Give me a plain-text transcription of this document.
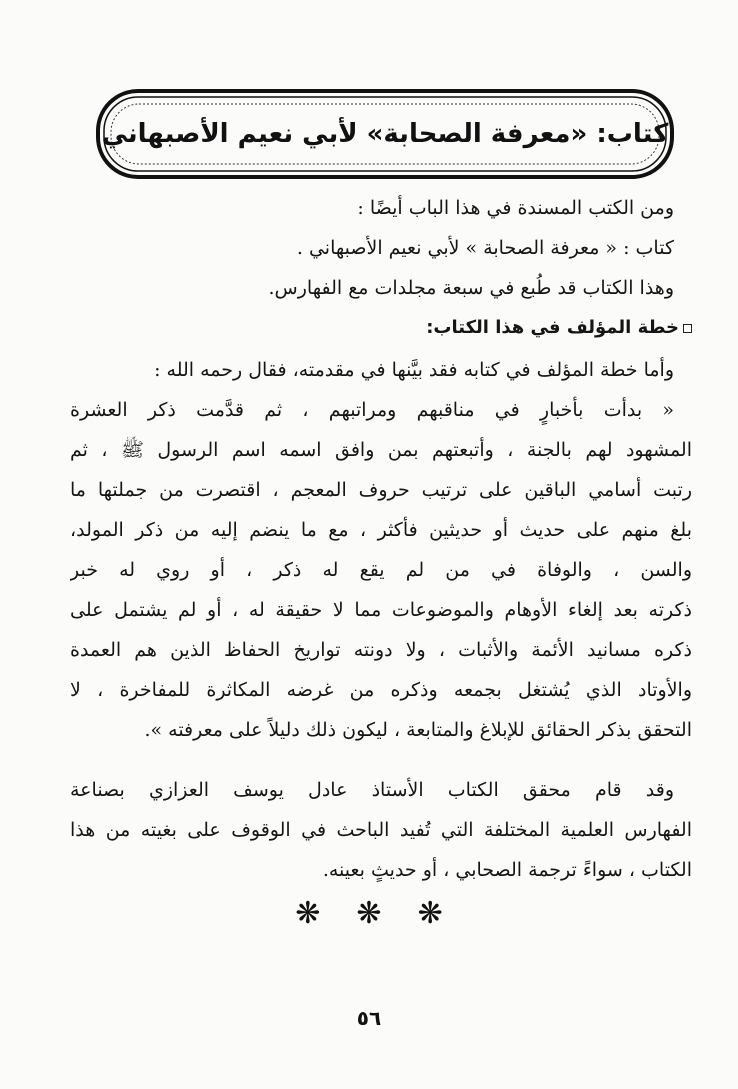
كتاب: «معرفة الصحابة» لأبي نعيم الأصبهاني
ومن الكتب المسندة في هذا الباب أيضًا :
كتاب : « معرفة الصحابة » لأبي نعيم الأصبهاني .
وهذا الكتاب قد طُبع في سبعة مجلدات مع الفهارس.
خطة المؤلف في هذا الكتاب:
وأما خطة المؤلف في كتابه فقد بيَّنها في مقدمته، فقال رحمه الله :
« بدأت بأخبارٍ في مناقبهم ومراتبهم ، ثم قدَّمت ذكر العشرة
المشهود لهم بالجنة ، وأتبعتهم بمن وافق اسمه اسم الرسول ﷺ ، ثم
رتبت أسامي الباقين على ترتيب حروف المعجم ، اقتصرت من جملتها ما
بلغ منهم على حديث أو حديثين فأكثر ، مع ما ينضم إليه من ذكر المولد،
والسن ، والوفاة في من لم يقع له ذكر ، أو روي له خبر
ذكرته بعد إلغاء الأوهام والموضوعات مما لا حقيقة له ، أو لم يشتمل على
ذكره مسانيد الأئمة والأثبات ، ولا دونته تواريخ الحفاظ الذين هم العمدة
والأوتاد الذي يُشتغل بجمعه وذكره من غرضه المكاثرة للمفاخرة ، لا
التحقق بذكر الحقائق للإبلاغ والمتابعة ، ليكون ذلك دليلاً على معرفته ».
وقد قام محقق الكتاب الأستاذ عادل يوسف العزازي بصناعة
الفهارس العلمية المختلفة التي تُفيد الباحث في الوقوف على بغيته من هذا
الكتاب ، سواءً ترجمة الصحابي ، أو حديثٍ بعينه.
❋ ❋ ❋
٥٦
